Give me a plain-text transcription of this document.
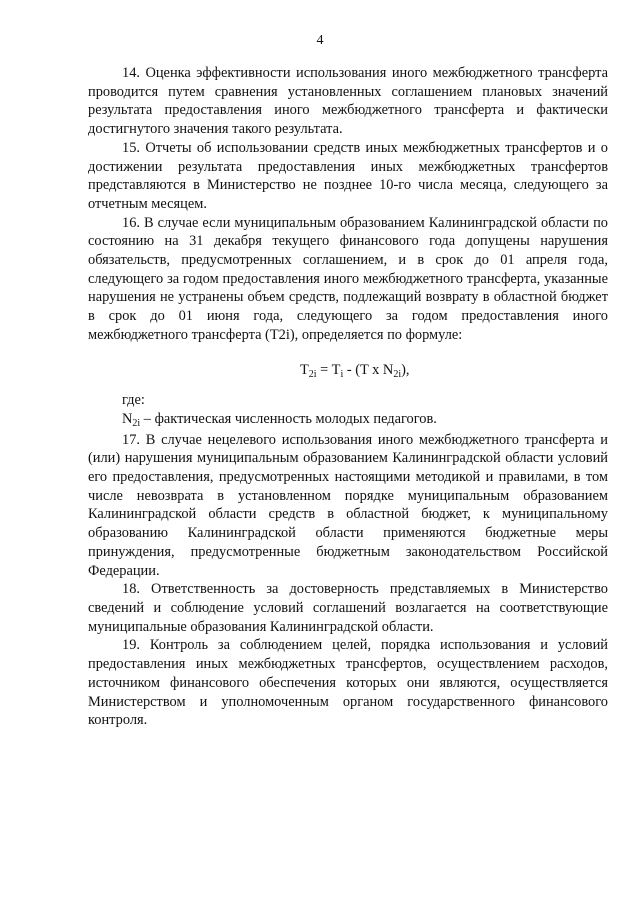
4

14. Оценка эффективности использования иного межбюджетного трансферта проводится путем сравнения установленных соглашением плановых значений результата предоставления иного межбюджетного трансферта и фактически достигнутого значения такого результата.

15. Отчеты об использовании средств иных межбюджетных трансфертов и о достижении результата предоставления иных межбюджетных трансфертов представляются в Министерство не позднее 10-го числа месяца, следующего за отчетным месяцем.

16. В случае если муниципальным образованием Калининградской области по состоянию на 31 декабря текущего финансового года допущены нарушения обязательств, предусмотренных соглашением, и в срок до 01 апреля года, следующего за годом предоставления иного межбюджетного трансферта, указанные нарушения не устранены объем средств, подлежащий возврату в областной бюджет в срок до 01 июня года, следующего за годом предоставления иного межбюджетного трансферта (T2i), определяется по формуле:

$T_{2i} = T_i - (T$ x $N_{2i}$),

где:

$N_{2i}$ – фактическая численность молодых педагогов.

17. В случае нецелевого использования иного межбюджетного трансферта и (или) нарушения муниципальным образованием Калининградской области условий его предоставления, предусмотренных настоящими методикой и правилами, в том числе невозврата в установленном порядке муниципальным образованием Калининградской области средств в областной бюджет, к муниципальному образованию Калининградской области применяются бюджетные меры принуждения, предусмотренные бюджетным законодательством Российской Федерации.

18. Ответственность за достоверность представляемых в Министерство сведений и соблюдение условий соглашений возлагается на соответствующие муниципальные образования Калининградской области.

19. Контроль за соблюдением целей, порядка использования и условий предоставления иных межбюджетных трансфертов, осуществлением расходов, источником финансового обеспечения которых они являются, осуществляется Министерством и уполномоченным органом государственного финансового контроля.
